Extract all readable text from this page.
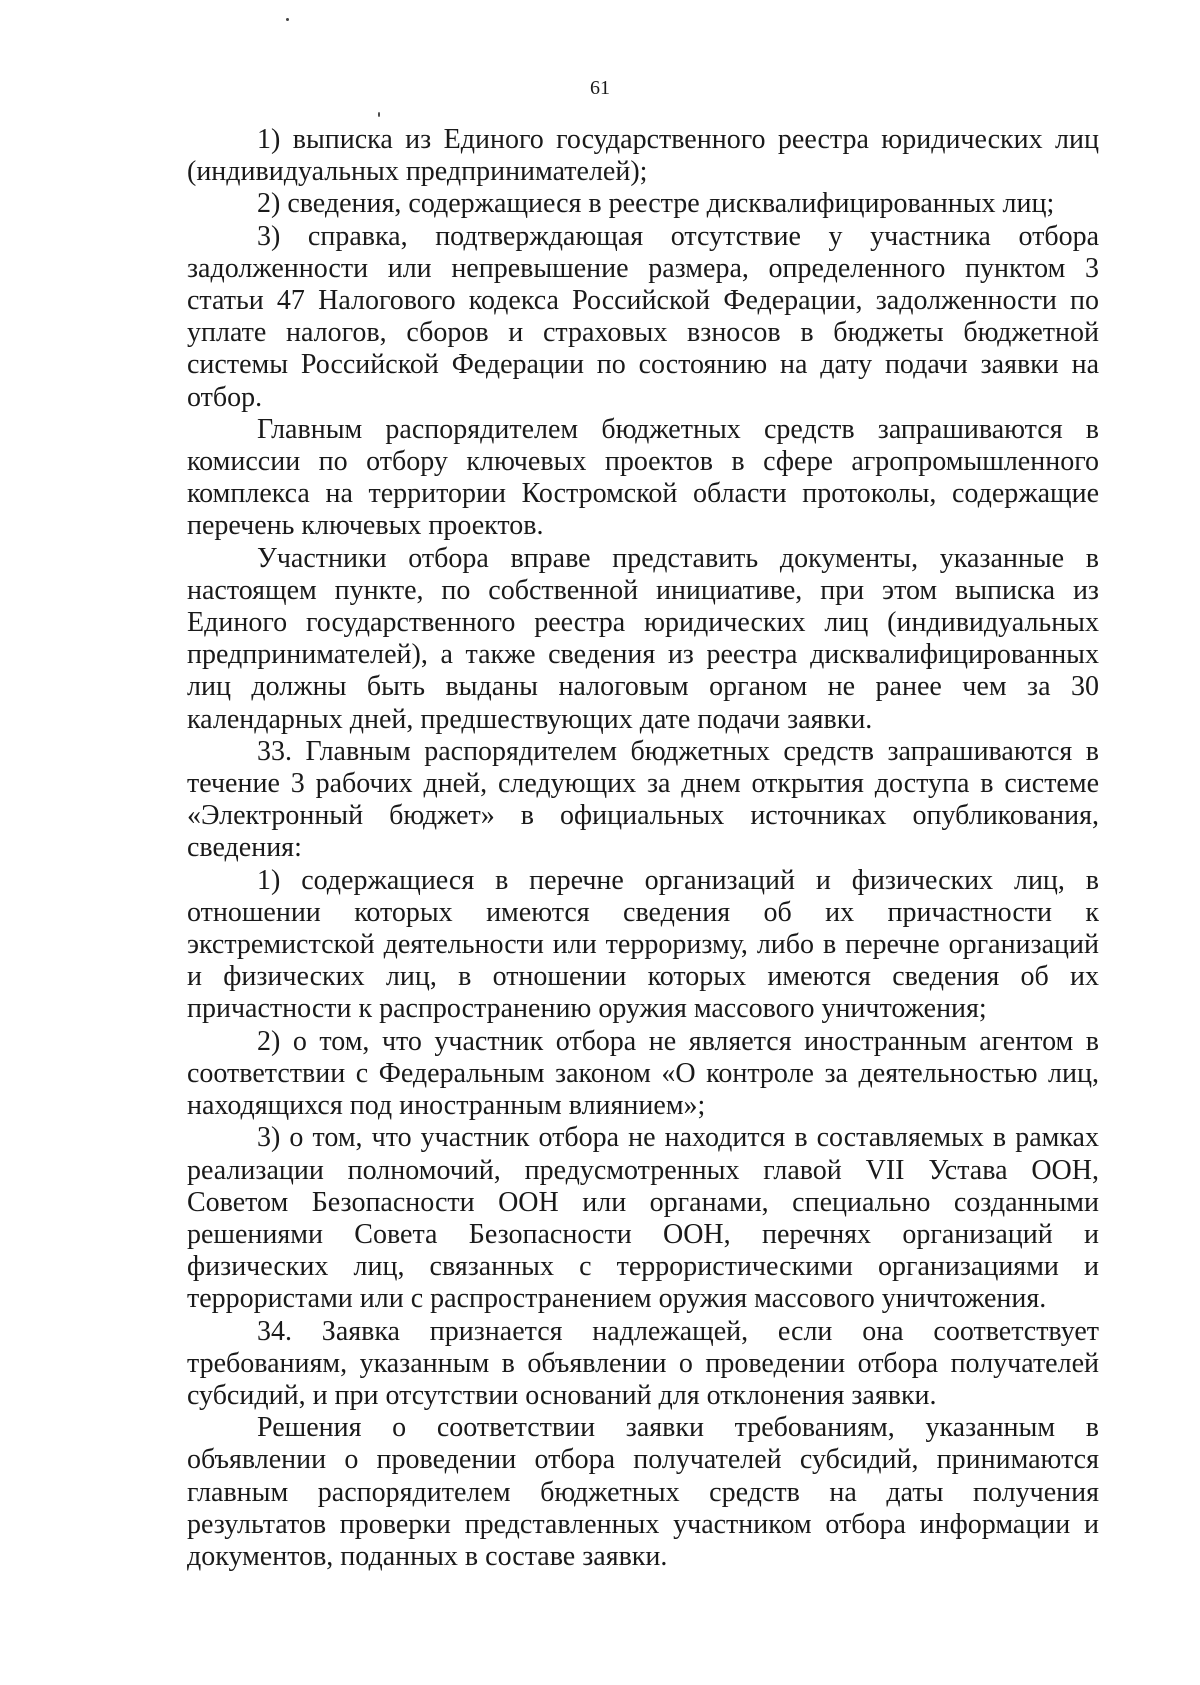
61

1) выписка из Единого государственного реестра юридических лиц (индивидуальных предпринимателей);

2) сведения, содержащиеся в реестре дисквалифицированных лиц;

3) справка, подтверждающая отсутствие у участника отбора задолженности или непревышение размера, определенного пунктом 3 статьи 47 Налогового кодекса Российской Федерации, задолженности по уплате налогов, сборов и страховых взносов в бюджеты бюджетной системы Российской Федерации по состоянию на дату подачи заявки на отбор.

Главным распорядителем бюджетных средств запрашиваются в комиссии по отбору ключевых проектов в сфере агропромышленного комплекса на территории Костромской области протоколы, содержащие перечень ключевых проектов.

Участники отбора вправе представить документы, указанные в настоящем пункте, по собственной инициативе, при этом выписка из Единого государственного реестра юридических лиц (индивидуальных предпринимателей), а также сведения из реестра дисквалифицированных лиц должны быть выданы налоговым органом не ранее чем за 30 календарных дней, предшествующих дате подачи заявки.

33. Главным распорядителем бюджетных средств запрашиваются в течение 3 рабочих дней, следующих за днем открытия доступа в системе «Электронный бюджет» в официальных источниках опубликования, сведения:

1) содержащиеся в перечне организаций и физических лиц, в отношении которых имеются сведения об их причастности к экстремистской деятельности или терроризму, либо в перечне организаций и физических лиц, в отношении которых имеются сведения об их причастности к распространению оружия массового уничтожения;

2) о том, что участник отбора не является иностранным агентом в соответствии с Федеральным законом «О контроле за деятельностью лиц, находящихся под иностранным влиянием»;

3) о том, что участник отбора не находится в составляемых в рамках реализации полномочий, предусмотренных главой VII Устава ООН, Советом Безопасности ООН или органами, специально созданными решениями Совета Безопасности ООН, перечнях организаций и физических лиц, связанных с террористическими организациями и террористами или с распространением оружия массового уничтожения.

34. Заявка признается надлежащей, если она соответствует требованиям, указанным в объявлении о проведении отбора получателей субсидий, и при отсутствии оснований для отклонения заявки.

Решения о соответствии заявки требованиям, указанным в объявлении о проведении отбора получателей субсидий, принимаются главным распорядителем бюджетных средств на даты получения результатов проверки представленных участником отбора информации и документов, поданных в составе заявки.
